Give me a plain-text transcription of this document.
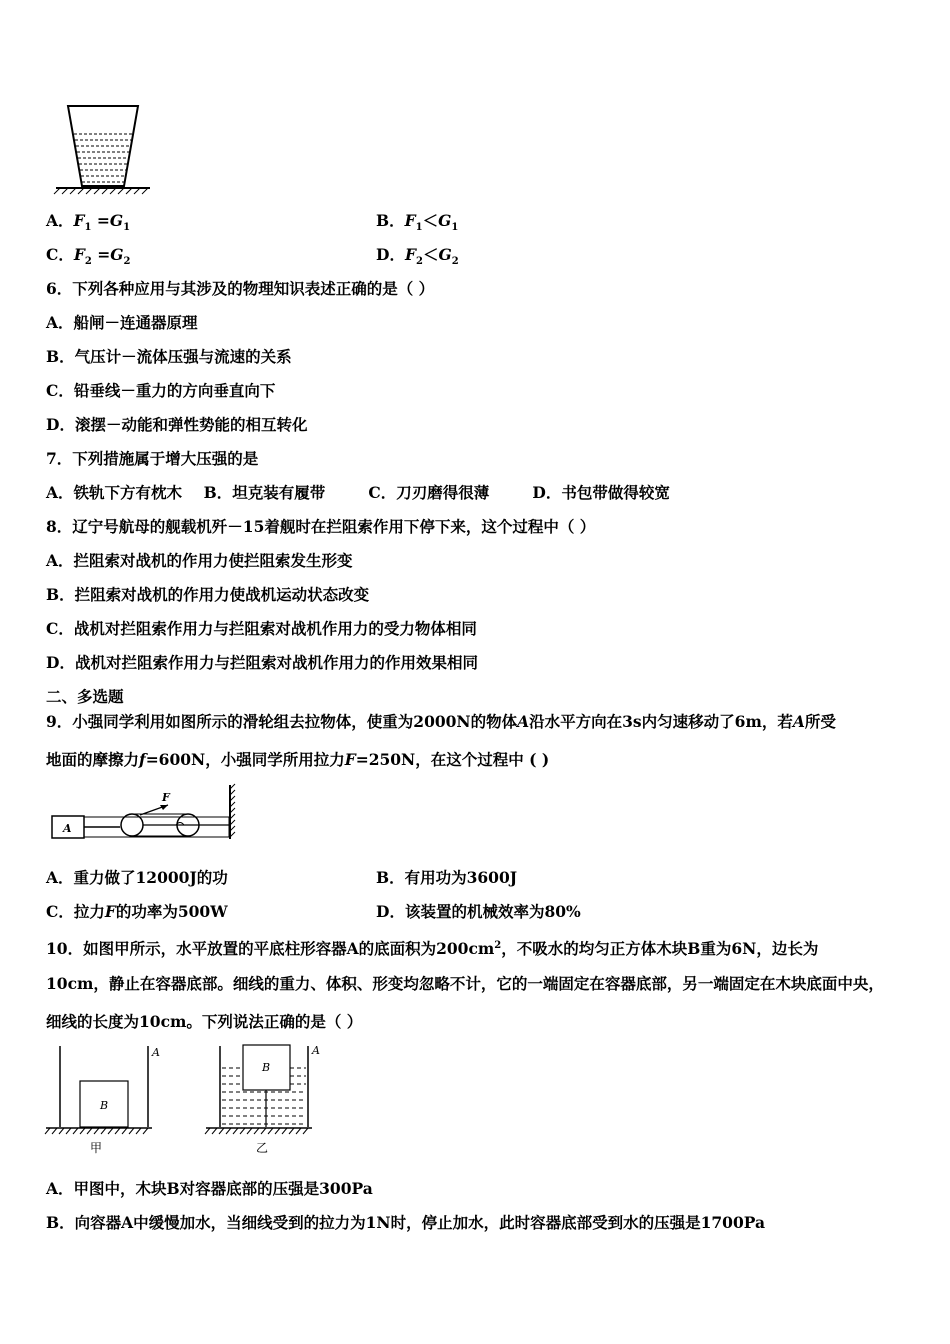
A．$F_1 =G_1$	B．$F_1<G_1$
C．$F_2 =G_2$	D．$F_2<G_2$
6．下列各种应用与其涉及的物理知识表述正确的是（ ）
A．船闸－连通器原理
B．气压计－流体压强与流速的关系
C．铅垂线－重力的方向垂直向下
D．滚摆－动能和弹性势能的相互转化
7．下列措施属于增大压强的是
A．铁轨下方有枕木    B．坦克装有履带        C．刀刃磨得很薄        D．书包带做得较宽
8．辽宁号航母的舰载机歼－15着舰时在拦阻索作用下停下来，这个过程中（ ）
A．拦阻索对战机的作用力使拦阻索发生形变
B．拦阻索对战机的作用力使战机运动状态改变
C．战机对拦阻索作用力与拦阻索对战机作用力的受力物体相同
D．战机对拦阻索作用力与拦阻索对战机作用力的作用效果相同
二、多选题
9．小强同学利用如图所示的滑轮组去拉物体，使重为2000N的物体A沿水平方向在3s内匀速移动了6m，若A所受
地面的摩擦力f=600N，小强同学所用拉力F=250N，在这个过程中 ( )
A
F
A．重力做了12000J的功	B．有用功为3600J
C．拉力F的功率为500W	D．该装置的机械效率为80%
10．如图甲所示，水平放置的平底柱形容器A的底面积为$200cm^2$，不吸水的均匀正方体木块B重为6N，边长为
10cm，静止在容器底部。细线的重力、体积、形变均忽略不计，它的一端固定在容器底部，另一端固定在木块底面中央，
细线的长度为10cm。下列说法正确的是（ ）
B
A
甲
B
A
乙
A．甲图中，木块B对容器底部的压强是300Pa
B．向容器A中缓慢加水，当细线受到的拉力为1N时，停止加水，此时容器底部受到水的压强是1700Pa
